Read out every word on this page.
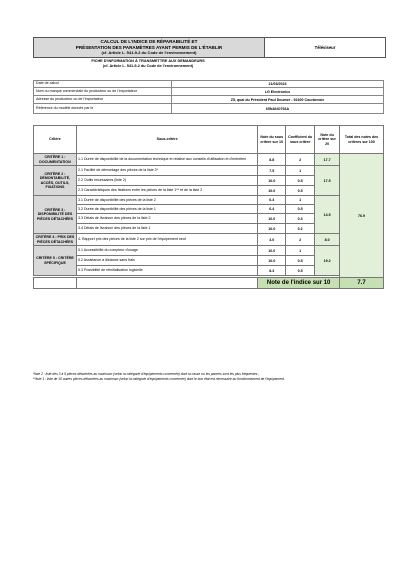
CALCUL DE L'INDICE DE RÉPARABILITÉ ET
PRÉSENTATION DES PARAMÈTRES AYANT PERMIS DE L'ÉTABLIR
(cf. Article L. 541-9-2 du Code de l'environnement)
Téléviseur
FICHE D'INFORMATION À TRANSMETTRE AUX DEMANDEURS
(cf. Article L. 541-9-2 du Code de l'environnement)
Date de calcul	21/03/2024
Nom ou marque commerciale du producteur ou de l'importateur	LG Electronics
Adresse du producteur ou de l'importateur	Z5, quai du Président Paul Doumer - 92400 Courbevoie
Référence du modèle donnée par le	65NANO766A
Critère	Sous-critère	Note du sous critère sur 10	Coefficient du sous critère	Note du critère sur 20	Total des notes des critères sur 100
CRITÈRE 1 : DOCUMENTATION	1.1 Durée de disponibilité de la documentation technique et relative aux conseils d'utilisation et d'entretien	8.8	2	17.7	76.9
CRITÈRE 2 : DÉMONTABILITÉ, ACCÈS, OUTILS, FIXATIONS	2.1 Facilité de démontage des pièces de la liste 2*	7.5	1	17.5	
	2.2 Outils nécessaires (liste 2)	10.0	0.5		
	2.3 Caractéristiques des fixations entre les pièces de la liste 1** et de la liste 2	10.0	0.5		
CRITÈRE 3 : DISPONIBILITÉ DES PIÈCES DÉTACHÉES	3.1 Durée de disponibilité des pièces de la liste 2	6.4	1	14.5	
	3.2 Durée de disponibilité des pièces de la liste 1	6.4	0.5		
	3.3 Délais de livraison des pièces de la liste 2	10.0	0.3		
	3.4 Délais de livraison des pièces de la liste 1	10.0	0.2		
CRITÈRE 4 : PRIX DES PIÈCES DÉTACHÉES	4. Rapport prix des pièces de la liste 2 sur prix de l'équipement neuf	4.0	2	8.0	
CRITÈRE 5 : CRITÈRE SPÉCIFIQUE	5.1 Accessibilité du compteur d'usage	10.0	1	19.2	
	5.2 Assistance à distance sans frais	10.0	0.5		
	5.3 Possibilité de réinitialisation logicielle	8.3	0.5		

		Note de l'indice sur 10			7.7
*liste 2 : liste des 3 à 5 pièces détachées au maximum (selon la catégorie d'équipements concernée) dont la casse ou les pannes sont les plus fréquentes ;
**liste 1 : liste de 10 autres pièces détachées au maximum (selon la catégorie d'équipements concernée) dont le bon état est nécessaire au fonctionnement de l'équipement.
